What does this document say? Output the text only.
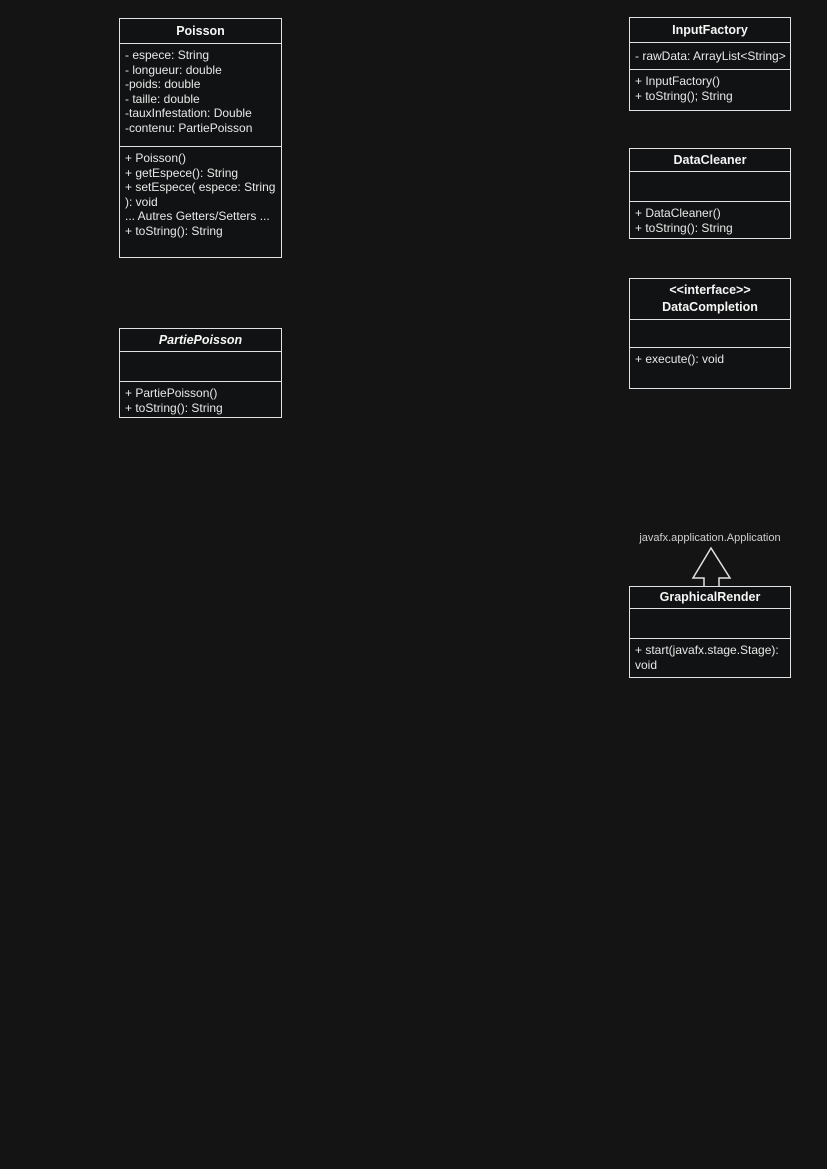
Poisson
- espece: String
- longueur: double
-poids: double
- taille: double
-tauxInfestation: Double
-contenu: PartiePoisson
+ Poisson()
+ getEspece(): String
+ setEspece( espece: String
): void
... Autres Getters/Setters ...
+ toString(): String
PartiePoisson
+ PartiePoisson()
+ toString(): String
InputFactory
- rawData: ArrayList<String>
+ InputFactory()
+ toString(); String
DataCleaner
+ DataCleaner()
+ toString(): String
<<interface>>
DataCompletion
+ execute(): void
javafx.application.Application
GraphicalRender
+ start(javafx.stage.Stage):
void
